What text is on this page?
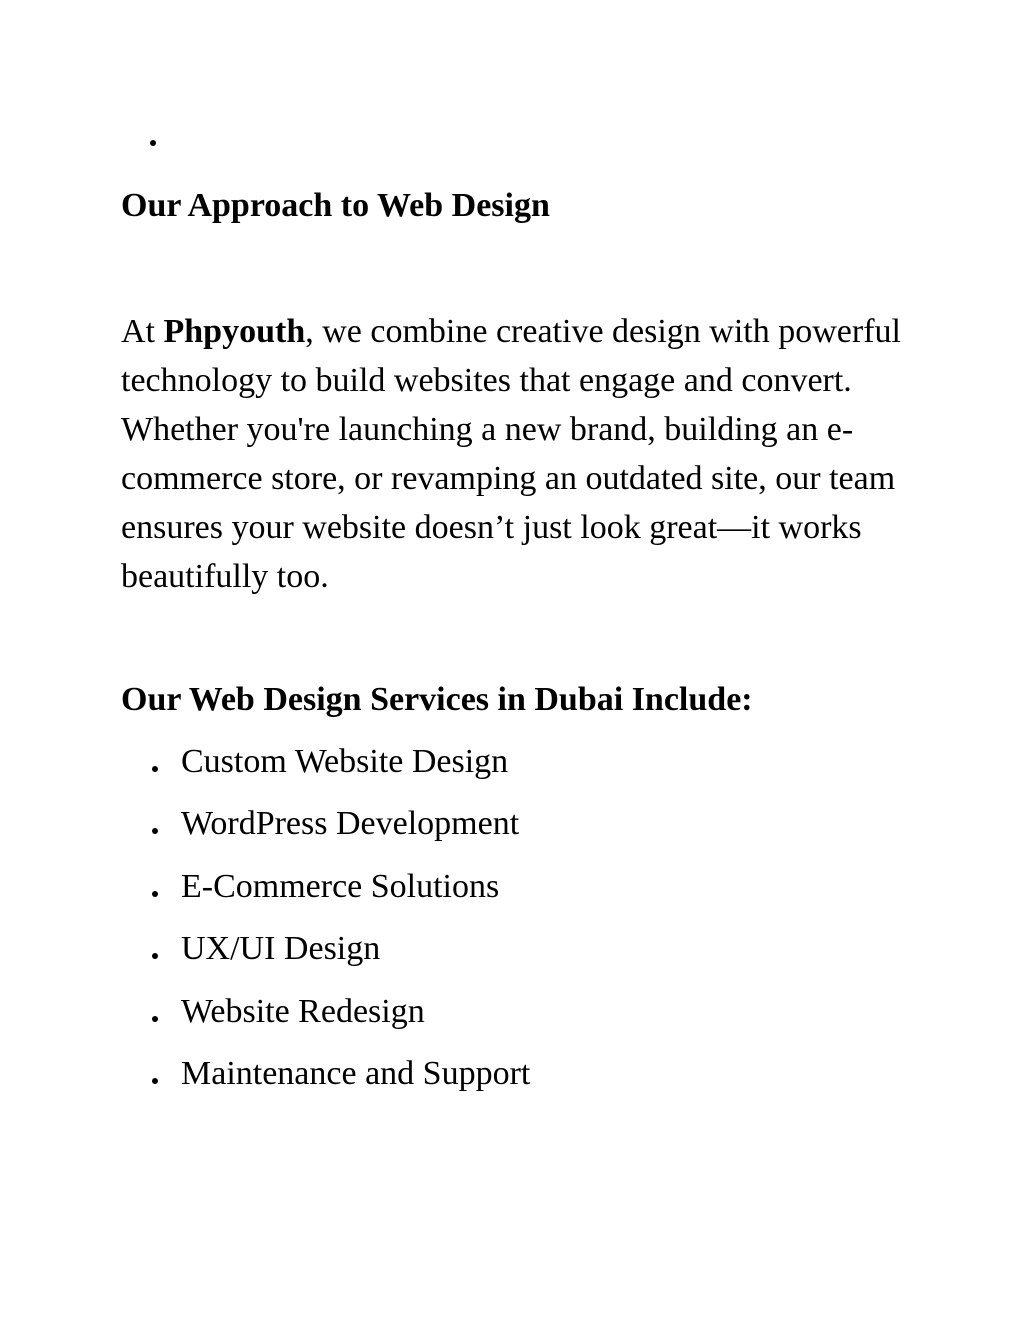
Our Approach to Web Design

At Phpyouth, we combine creative design with powerful technology to build websites that engage and convert. Whether you're launching a new brand, building an e-commerce store, or revamping an outdated site, our team ensures your website doesn’t just look great—it works beautifully too.

Our Web Design Services in Dubai Include:
Custom Website Design
WordPress Development
E-Commerce Solutions
UX/UI Design
Website Redesign
Maintenance and Support
